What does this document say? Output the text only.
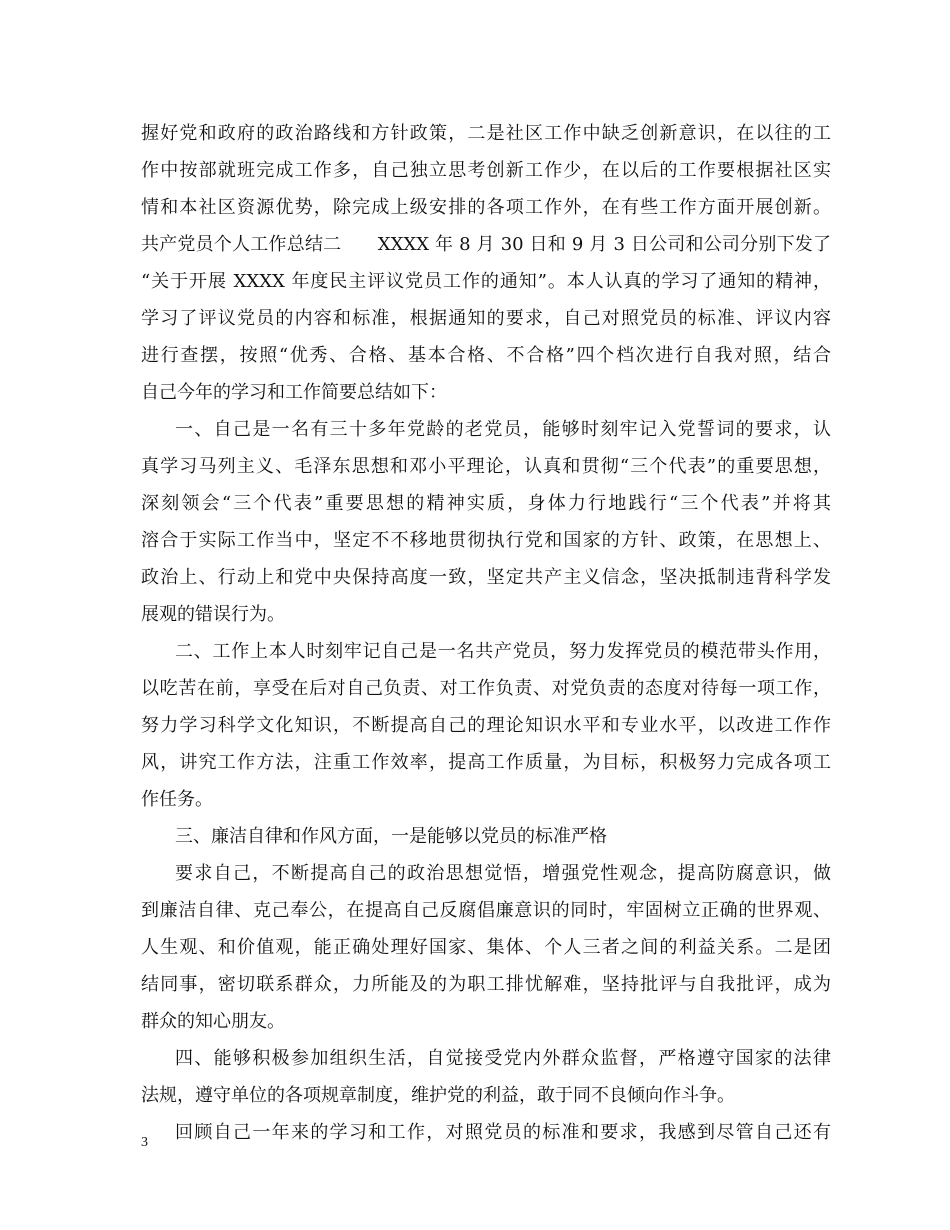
握好党和政府的政治路线和方针政策，二是社区工作中缺乏创新意识，在以往的工
作中按部就班完成工作多，自己独立思考创新工作少，在以后的工作要根据社区实
情和本社区资源优势，除完成上级安排的各项工作外，在有些工作方面开展创新。
共产党员个人工作总结二　　XXXX 年 8 月 30 日和 9 月 3 日公司和公司分别下发了
“关于开展 XXXX 年度民主评议党员工作的通知”。本人认真的学习了通知的精神，
学习了评议党员的内容和标准，根据通知的要求，自己对照党员的标准、评议内容
进行查摆，按照“优秀、合格、基本合格、不合格”四个档次进行自我对照，结合
自己今年的学习和工作简要总结如下：
一、自己是一名有三十多年党龄的老党员，能够时刻牢记入党誓词的要求，认
真学习马列主义、毛泽东思想和邓小平理论，认真和贯彻“三个代表”的重要思想，
深刻领会“三个代表”重要思想的精神实质，身体力行地践行“三个代表”并将其
溶合于实际工作当中，坚定不不移地贯彻执行党和国家的方针、政策，在思想上、
政治上、行动上和党中央保持高度一致，坚定共产主义信念，坚决抵制违背科学发
展观的错误行为。
二、工作上本人时刻牢记自己是一名共产党员，努力发挥党员的模范带头作用，
以吃苦在前，享受在后对自己负责、对工作负责、对党负责的态度对待每一项工作，
努力学习科学文化知识，不断提高自己的理论知识水平和专业水平，以改进工作作
风，讲究工作方法，注重工作效率，提高工作质量，为目标，积极努力完成各项工
作任务。
三、廉洁自律和作风方面，一是能够以党员的标准严格
要求自己，不断提高自己的政治思想觉悟，增强党性观念，提高防腐意识，做
到廉洁自律、克己奉公，在提高自己反腐倡廉意识的同时，牢固树立正确的世界观、
人生观、和价值观，能正确处理好国家、集体、个人三者之间的利益关系。二是团
结同事，密切联系群众，力所能及的为职工排忧解难，坚持批评与自我批评，成为
群众的知心朋友。
四、能够积极参加组织生活，自觉接受党内外群众监督，严格遵守国家的法律
法规，遵守单位的各项规章制度，维护党的利益，敢于同不良倾向作斗争。
回顾自己一年来的学习和工作，对照党员的标准和要求，我感到尽管自己还有
3
